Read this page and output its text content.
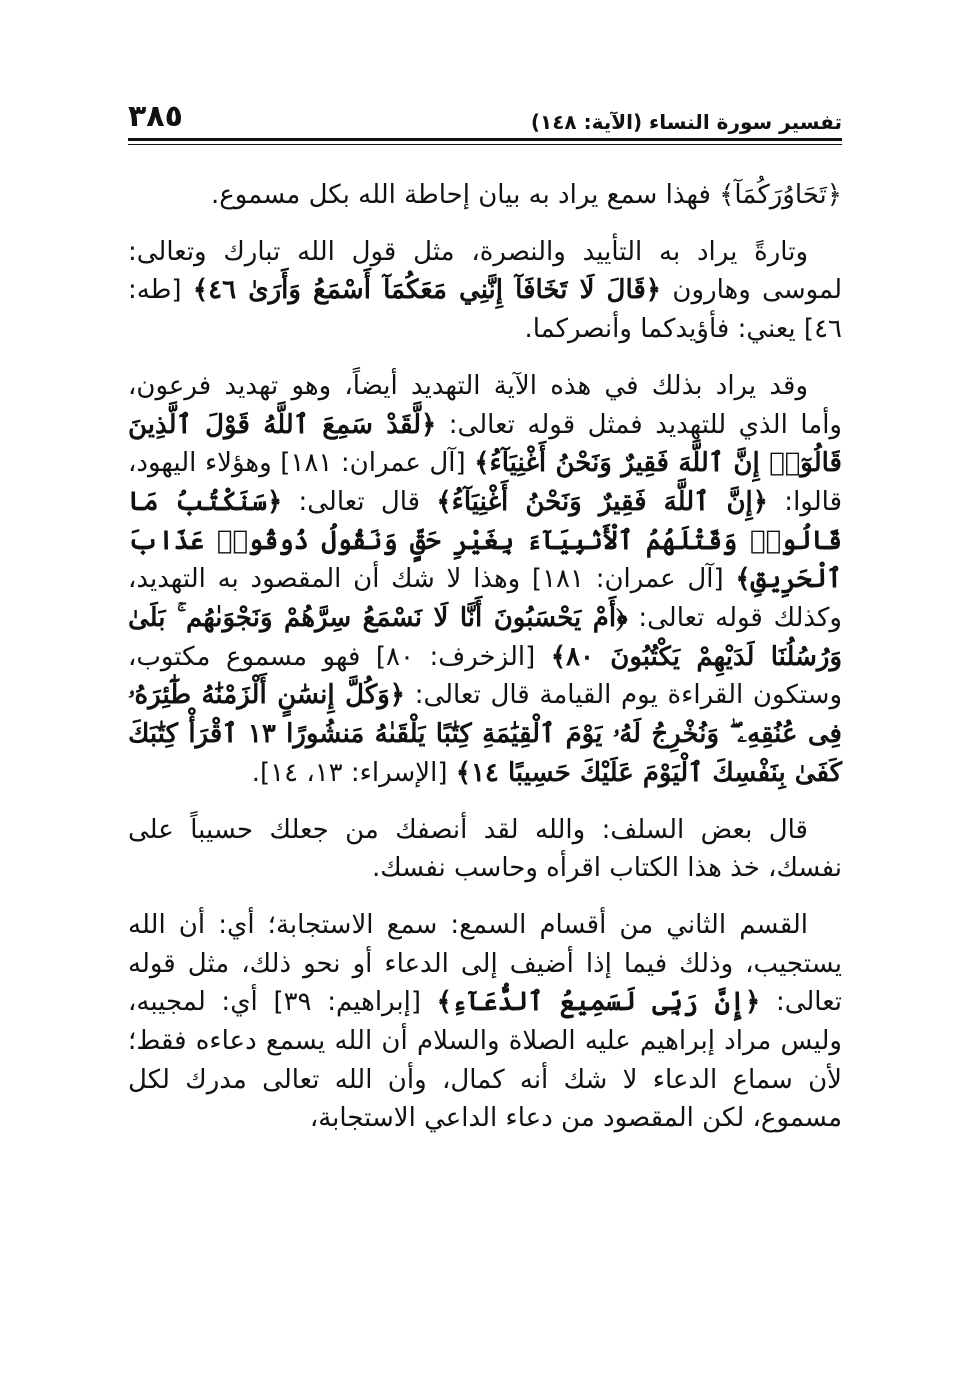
تفسير سورة النساء (الآية: ١٤٨)
٣٨٥

﴿تَحَاوُرَكُمَآ﴾ فهذا سمع يراد به بيان إحاطة الله بكل مسموع.

وتارةً يراد به التأييد والنصرة، مثل قول الله تبارك وتعالى: لموسى وهارون ﴿قَالَ لَا تَخَافَآ إِنَّنِي مَعَكُمَآ أَسْمَعُ وَأَرَىٰ ٤٦﴾ [طه: ٤٦] يعني: فأؤيدكما وأنصركما.

وقد يراد بذلك في هذه الآية التهديد أيضاً، وهو تهديد فرعون، وأما الذي للتهديد فمثل قوله تعالى: ﴿لَّقَدْ سَمِعَ ٱللَّهُ قَوْلَ ٱلَّذِينَ قَالُوٓا۟ إِنَّ ٱللَّهَ فَقِيرٌ وَنَحْنُ أَغْنِيَآءُ﴾ [آل عمران: ١٨١] وهؤلاء اليهود، قالوا: ﴿إِنَّ ٱللَّهَ فَقِيرٌ وَنَحْنُ أَغْنِيَآءُ﴾ قال تعالى: ﴿سَنَكْتُبُ مَا قَالُوا۟ وَقَتْلَهُمُ ٱلْأَنۢبِيَآءَ بِغَيْرِ حَقٍّ وَنَقُولُ ذُوقُوا۟ عَذَابَ ٱلْحَرِيقِ﴾ [آل عمران: ١٨١] وهذا لا شك أن المقصود به التهديد، وكذلك قوله تعالى: ﴿أَمْ يَحْسَبُونَ أَنَّا لَا نَسْمَعُ سِرَّهُمْ وَنَجْوَىٰهُم ۚ بَلَىٰ وَرُسُلُنَا لَدَيْهِمْ يَكْتُبُونَ ٨٠﴾ [الزخرف: ٨٠] فهو مسموع مكتوب، وستكون القراءة يوم القيامة قال تعالى: ﴿وَكُلَّ إِنسَٰنٍ أَلْزَمْنَٰهُ طَٰٓئِرَهُۥ فِى عُنُقِهِۦ ۖ وَنُخْرِجُ لَهُۥ يَوْمَ ٱلْقِيَٰمَةِ كِتَٰبًا يَلْقَىٰهُ مَنشُورًا ١٣ ٱقْرَأْ كِتَٰبَكَ كَفَىٰ بِنَفْسِكَ ٱلْيَوْمَ عَلَيْكَ حَسِيبًا ١٤﴾ [الإسراء: ١٣، ١٤].

قال بعض السلف: والله لقد أنصفك من جعلك حسيباً على نفسك، خذ هذا الكتاب اقرأه وحاسب نفسك.

القسم الثاني من أقسام السمع: سمع الاستجابة؛ أي: أن الله يستجيب، وذلك فيما إذا أضيف إلى الدعاء أو نحو ذلك، مثل قوله تعالى: ﴿إِنَّ رَبِّى لَسَمِيعُ ٱلدُّعَآءِ﴾ [إبراهيم: ٣٩] أي: لمجيبه، وليس مراد إبراهيم عليه الصلاة والسلام أن الله يسمع دعاءه فقط؛ لأن سماع الدعاء لا شك أنه كمال، وأن الله تعالى مدرك لكل مسموع، لكن المقصود من دعاء الداعي الاستجابة،
